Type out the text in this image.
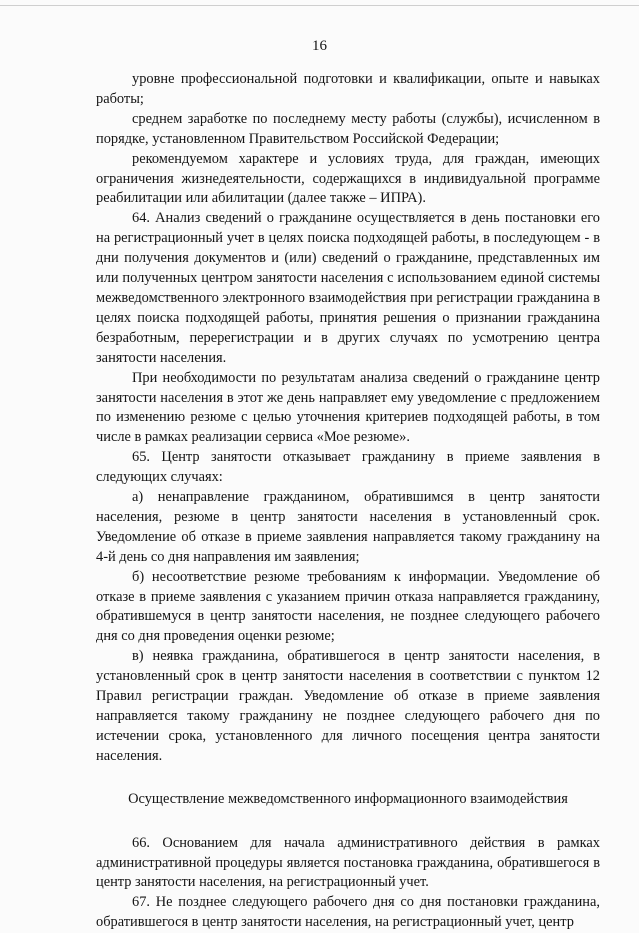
16

уровне профессиональной подготовки и квалификации, опыте и навыках работы;

среднем заработке по последнему месту работы (службы), исчисленном в порядке, установленном Правительством Российской Федерации;

рекомендуемом характере и условиях труда, для граждан, имеющих ограничения жизнедеятельности, содержащихся в индивидуальной программе реабилитации или абилитации (далее также – ИПРА).

64. Анализ сведений о гражданине осуществляется в день постановки его на регистрационный учет в целях поиска подходящей работы, в последующем - в дни получения документов и (или) сведений о гражданине, представленных им или полученных центром занятости населения с использованием единой системы межведомственного электронного взаимодействия при регистрации гражданина в целях поиска подходящей работы, принятия решения о признании гражданина безработным, перерегистрации и в других случаях по усмотрению центра занятости населения.

При необходимости по результатам анализа сведений о гражданине центр занятости населения в этот же день направляет ему уведомление с предложением по изменению резюме с целью уточнения критериев подходящей работы, в том числе в рамках реализации сервиса «Мое резюме».

65. Центр занятости отказывает гражданину в приеме заявления в следующих случаях:

а) ненаправление гражданином, обратившимся в центр занятости населения, резюме в центр занятости населения в установленный срок. Уведомление об отказе в приеме заявления направляется такому гражданину на 4-й день со дня направления им заявления;

б) несоответствие резюме требованиям к информации. Уведомление об отказе в приеме заявления с указанием причин отказа направляется гражданину, обратившемуся в центр занятости населения, не позднее следующего рабочего дня со дня проведения оценки резюме;

в) неявка гражданина, обратившегося в центр занятости населения, в установленный срок в центр занятости населения в соответствии с пунктом 12 Правил регистрации граждан. Уведомление об отказе в приеме заявления направляется такому гражданину не позднее следующего рабочего дня по истечении срока, установленного для личного посещения центра занятости населения.

Осуществление межведомственного информационного взаимодействия

66. Основанием для начала административного действия в рамках административной процедуры является постановка гражданина, обратившегося в центр занятости населения, на регистрационный учет.

67. Не позднее следующего рабочего дня со дня постановки гражданина, обратившегося в центр занятости населения, на регистрационный учет, центр
